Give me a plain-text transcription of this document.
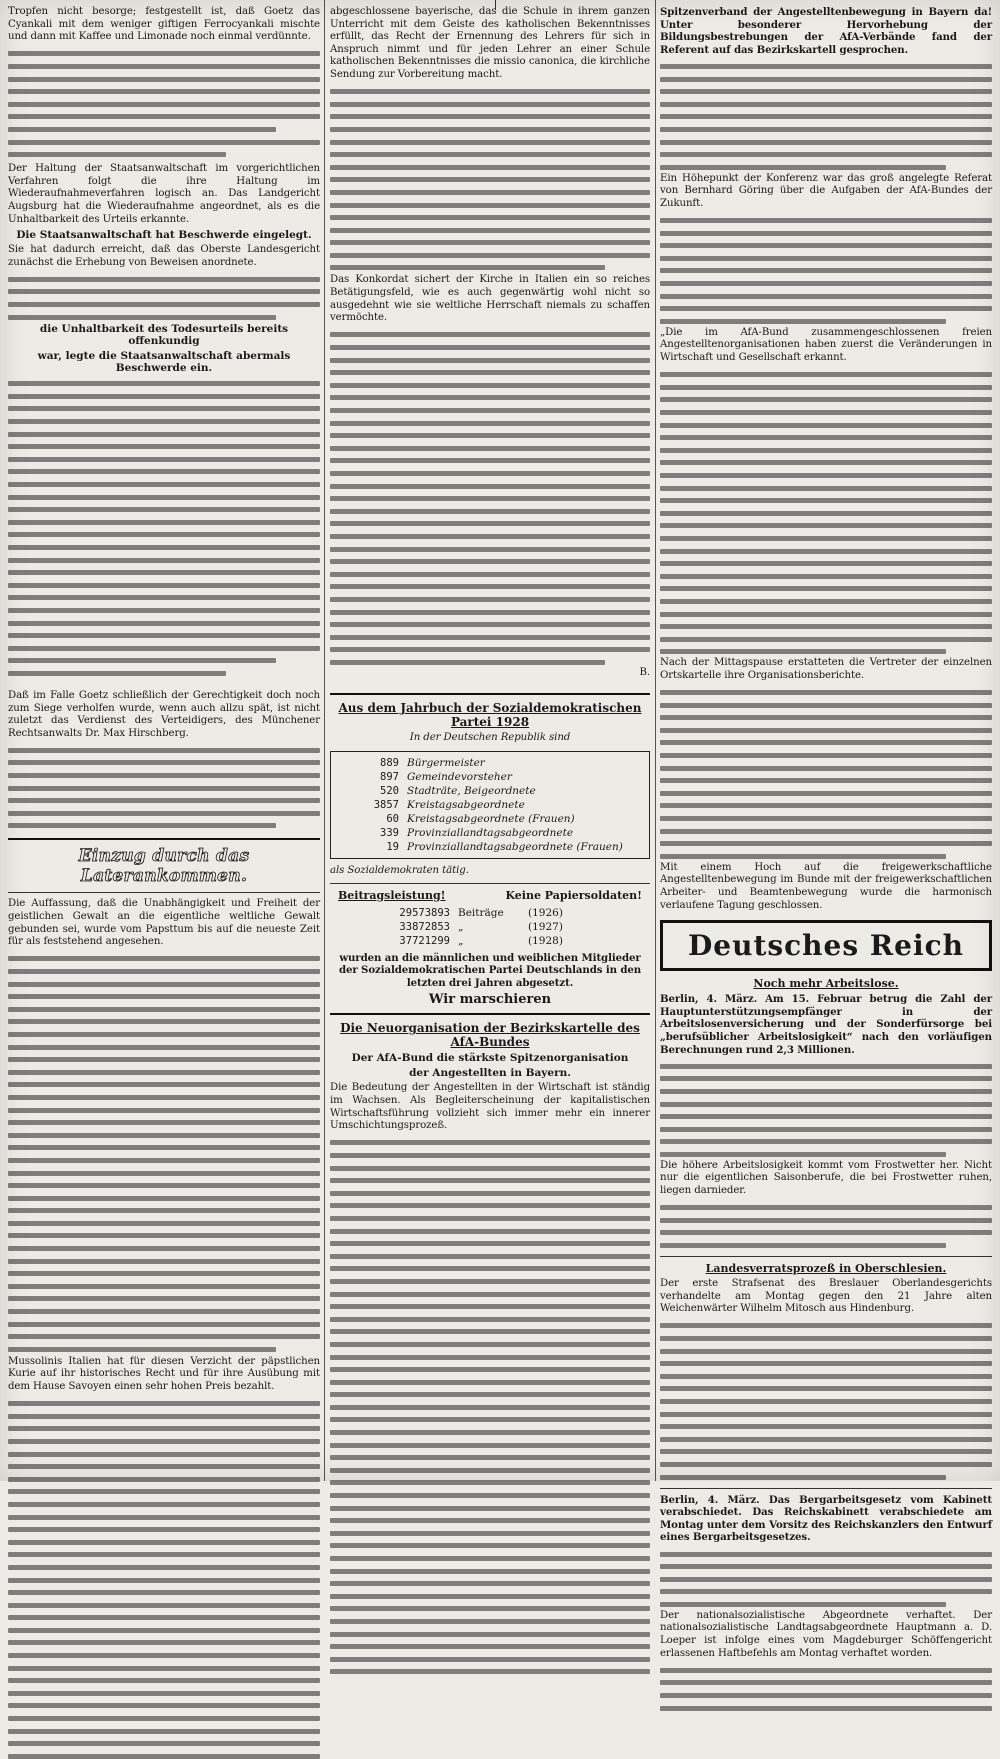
Tropfen nicht besorge; festgestellt ist, daß Goetz das Cyankali mit dem weniger giftigen Ferrocyankali mischte und dann mit Kaffee und Limonade noch einmal verdünnte.

Der Haltung der Staatsanwaltschaft im vorgerichtlichen Verfahren folgt die ihre Haltung im Wiederaufnahmeverfahren logisch an. Das Landgericht Augsburg hat die Wiederaufnahme angeordnet, als es die Unhaltbarkeit des Urteils erkannte.

Die Staatsanwaltschaft hat Beschwerde eingelegt.

Sie hat dadurch erreicht, daß das Oberste Landesgericht zunächst die Erhebung von Beweisen anordnete.

die Unhaltbarkeit des Todesurteils bereits offenkundig

war, legte die Staatsanwaltschaft abermals Beschwerde ein.

Daß im Falle Goetz schließlich der Gerechtigkeit doch noch zum Siege verholfen wurde, wenn auch allzu spät, ist nicht zuletzt das Verdienst des Verteidigers, des Münchener Rechtsanwalts Dr. Max Hirschberg.

Einzug durch das Laterankommen.

Die Auffassung, daß die Unabhängigkeit und Freiheit der geistlichen Gewalt an die eigentliche weltliche Gewalt gebunden sei, wurde vom Papsttum bis auf die neueste Zeit für als feststehend angesehen.

Mussolinis Italien hat für diesen Verzicht der päpstlichen Kurie auf ihr historisches Recht und für ihre Ausübung mit dem Hause Savoyen einen sehr hohen Preis bezahlt.

abgeschlossene bayerische, das die Schule in ihrem ganzen Unterricht mit dem Geiste des katholischen Bekenntnisses erfüllt, das Recht der Ernennung des Lehrers für sich in Anspruch nimmt und für jeden Lehrer an einer Schule katholischen Bekenntnisses die missio canonica, die kirchliche Sendung zur Vorbereitung macht.

Das Konkordat sichert der Kirche in Italien ein so reiches Betätigungsfeld, wie es auch gegenwärtig wohl nicht so ausgedehnt wie sie weltliche Herrschaft niemals zu schaffen vermöchte.

B.

Aus dem Jahrbuch der Sozialdemokratischen Partei 1928
In der Deutschen Republik sind
889 Bürgermeister
897 Gemeindevorsteher
520 Stadträte, Beigeordnete
3857 Kreistagsabgeordnete
60 Kreistagsabgeordnete (Frauen)
339 Provinziallandtagsabgeordnete
19 Provinziallandtagsabgeordnete (Frauen)
als Sozialdemokraten tätig.
Beitragsleistung!	Keine Papiersoldaten!
29573893 Beiträge	(1926)
33872853 „	(1927)
37721299 „	(1928)

wurden an die männlichen und weiblichen Mitglieder der Sozialdemokratischen Partei Deutschlands in den letzten drei Jahren abgesetzt.

Wir marschieren
Die Neuorganisation der Bezirkskartelle des AfA-Bundes
Der AfA-Bund die stärkste Spitzenorganisation
der Angestellten in Bayern.

Die Bedeutung der Angestellten in der Wirtschaft ist ständig im Wachsen. Als Begleiterscheinung der kapitalistischen Wirtschaftsführung vollzieht sich immer mehr ein innerer Umschichtungsprozeß.

Spitzenverband der Angestelltenbewegung in Bayern da! Unter besonderer Hervorhebung der Bildungsbestrebungen der AfA-Verbände fand der Referent auf das Bezirkskartell gesprochen.

Ein Höhepunkt der Konferenz war das groß angelegte Referat von Bernhard Göring über die Aufgaben der AfA-Bundes der Zukunft.

„Die im AfA-Bund zusammengeschlossenen freien Angestelltenorganisationen haben zuerst die Veränderungen in Wirtschaft und Gesellschaft erkannt.

Nach der Mittagspause erstatteten die Vertreter der einzelnen Ortskartelle ihre Organisationsberichte.

Mit einem Hoch auf die freigewerkschaftliche Angestelltenbewegung im Bunde mit der freigewerkschaftlichen Arbeiter- und Beamtenbewegung wurde die harmonisch verlaufene Tagung geschlossen.

Deutsches Reich
Noch mehr Arbeitslose.

Berlin, 4. März. Am 15. Februar betrug die Zahl der Hauptunterstützungsempfänger in der Arbeitslosenversicherung und der Sonderfürsorge bei „berufsüblicher Arbeitslosigkeit“ nach den vorläufigen Berechnungen rund 2,3 Millionen.

Die höhere Arbeitslosigkeit kommt vom Frostwetter her. Nicht nur die eigentlichen Saisonberufe, die bei Frostwetter ruhen, liegen darnieder.

Landesverratsprozeß in Oberschlesien.

Der erste Strafsenat des Breslauer Oberlandesgerichts verhandelte am Montag gegen den 21 Jahre alten Weichenwärter Wilhelm Mitosch aus Hindenburg.

Berlin, 4. März. Das Bergarbeitsgesetz vom Kabinett verabschiedet. Das Reichskabinett verabschiedete am Montag unter dem Vorsitz des Reichskanzlers den Entwurf eines Bergarbeitsgesetzes.

Der nationalsozialistische Abgeordnete verhaftet. Der nationalsozialistische Landtagsabgeordnete Hauptmann a. D. Loeper ist infolge eines vom Magdeburger Schöffengericht erlassenen Haftbefehls am Montag verhaftet worden.
